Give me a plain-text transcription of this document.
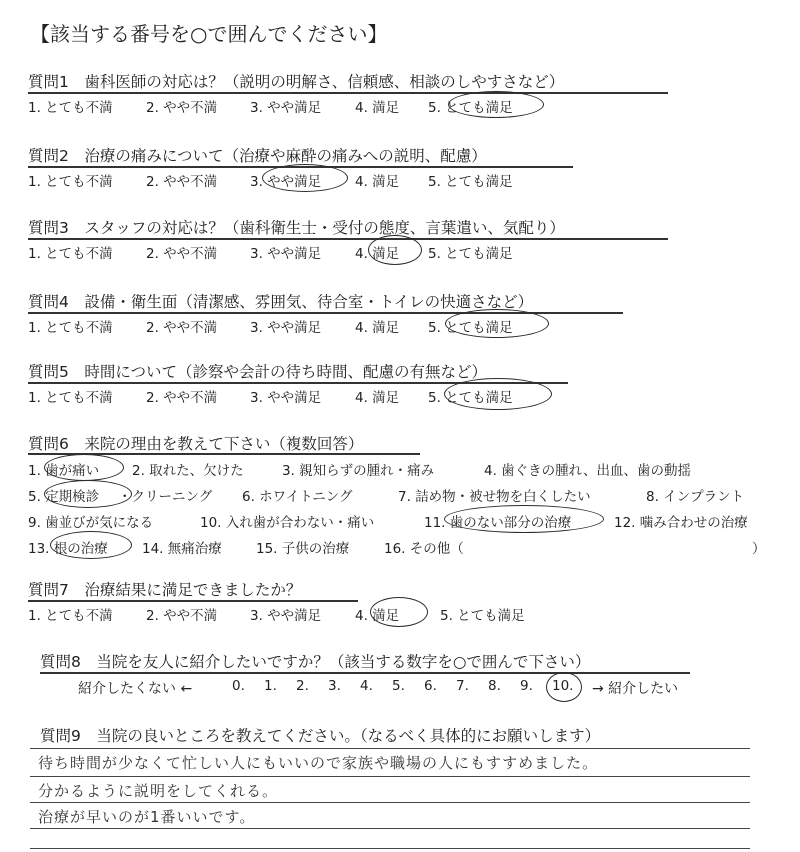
【該当する番号を○で囲んでください】
質問1　歯科医師の対応は？（説明の明解さ、信頼感、相談のしやすさなど）
1. とても不満 2. やや不満 3. やや満足	4. 満足 5. とても満足
質問2　治療の痛みについて（治療や麻酔の痛みへの説明、配慮）
1. とても不満 2. やや不満 3. やや満足	4. 満足 5. とても満足
質問3　スタッフの対応は？（歯科衛生士・受付の態度、言葉遣い、気配り）
1. とても不満 2. やや不満 3. やや満足	4. 満足 5. とても満足
質問4　設備・衛生面（清潔感、雰囲気、待合室・トイレの快適さなど）
1. とても不満 2. やや不満 3. やや満足	4. 満足 5. とても満足
質問5　時間について（診察や会計の待ち時間、配慮の有無など）
1. とても不満 2. やや不満 3. やや満足	4. 満足 5. とても満足
質問6　来院の理由を教えて下さい（複数回答）
1. 歯が痛い 2. 取れた、欠けた	3. 親知らずの腫れ・痛み	4. 歯ぐきの腫れ、出血、歯の動揺
5. 定期検診 ・クリーニング 6. ホワイトニング	7. 詰め物・被せ物を白くしたい	8. インプラント
9. 歯並びが気になる	10. 入れ歯が合わない・痛い	11. 歯のない部分の治療	12. 噛み合わせの治療
13. 根の治療	14. 無痛治療	15. 子供の治療	16. その他（	）
質問7　治療結果に満足できましたか？
1. とても不満 2. やや不満 3. やや満足	4. 満足	5. とても満足
質問8　当院を友人に紹介したいですか？（該当する数字を○で囲んで下さい）
紹介したくない ←	0. 1. 2. 3. 4. 5. 6. 7. 8. 9. 10. → 紹介したい
質問9　当院の良いところを教えてください。（なるべく具体的にお願いします）
待ち時間が少なくて忙しい人にもいいので家族や職場の人にもすすめました。
分かるように説明をしてくれる。
治療が早いのが1番いいです。
